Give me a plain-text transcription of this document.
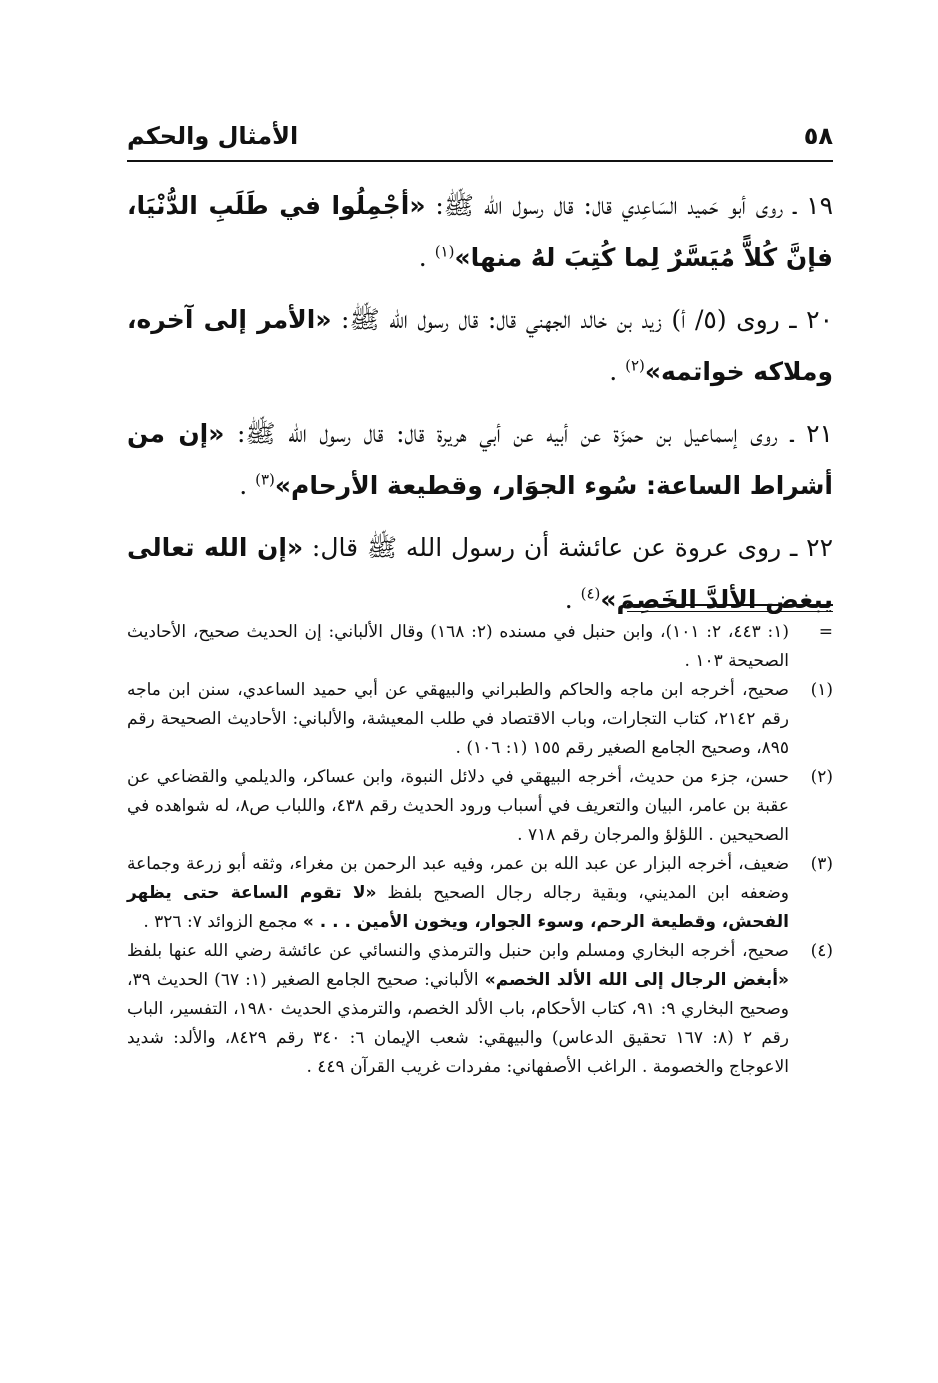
٥٨
الأمثال والحكم

١٩ ـ روى أبو حَميد السَاعِدي قال: قال رسول الله ﷺ: «أجْمِلُوا في طَلَبِ الدُّنْيَا، فإنَّ كُلاًّ مُيَسَّرٌ لِما كُتِبَ لهُ منها»$^{(١)}$ .

٢٠ ـ روى (٥/ أ) زيد بن خالد الجهني قال: قال رسول الله ﷺ: «الأمر إلى آخره، وملاكه خواتمه»$^{(٢)}$ .

٢١ ـ روى إسماعيل بن حمزَة عن أبيه عن أبي هريرة قال: قال رسول الله ﷺ: «إن من أشراط الساعة: سُوء الجوَار، وقطيعة الأرحام»$^{(٣)}$ .

٢٢ ـ روى عروة عن عائشة أن رسول الله ﷺ قال: «إن الله تعالى يبغض الألدَّ الخَصِمَ»$^{(٤)}$ .

=
(١: ٤٤٣، ٢: ١٠١)، وابن حنبل في مسنده (٢: ١٦٨) وقال الألباني: إن الحديث صحيح، الأحاديث الصحيحة ١٠٣ .
(١)
صحيح، أخرجه ابن ماجه والحاكم والطبراني والبيهقي عن أبي حميد الساعدي، سنن ابن ماجه رقم ٢١٤٢، كتاب التجارات، وباب الاقتصاد في طلب المعيشة، والألباني: الأحاديث الصحيحة رقم ٨٩٥، وصحيح الجامع الصغير رقم ١٥٥ (١: ١٠٦) .
(٢)
حسن، جزء من حديث، أخرجه البيهقي في دلائل النبوة، وابن عساكر، والديلمي والقضاعي عن عقبة بن عامر، البيان والتعريف في أسباب ورود الحديث رقم ٤٣٨، واللباب ص٨، له شواهده في الصحيحين . اللؤلؤ والمرجان رقم ٧١٨ .
(٣)
ضعيف، أخرجه البزار عن عبد الله بن عمر، وفيه عبد الرحمن بن مغراء، وثقه أبو زرعة وجماعة وضعفه ابن المديني، وبقية رجاله رجال الصحيح بلفظ «لا تقوم الساعة حتى يظهر الفحش، وقطيعة الرحم، وسوء الجوار، ويخون الأمين . . . » مجمع الزوائد ٧: ٣٢٦ .
(٤)
صحيح، أخرجه البخاري ومسلم وابن حنبل والترمذي والنسائي عن عائشة رضي الله عنها بلفظ «أبغض الرجال إلى الله الألد الخصم» الألباني: صحيح الجامع الصغير (١: ٦٧) الحديث ٣٩، وصحيح البخاري ٩: ٩١، كتاب الأحكام، باب الألد الخصم، والترمذي الحديث ١٩٨٠، التفسير، الباب رقم ٢ (٨: ١٦٧ تحقيق الدعاس) والبيهقي: شعب الإيمان ٦: ٣٤٠ رقم ٨٤٢٩، والألد: شديد الاعوجاج والخصومة . الراغب الأصفهاني: مفردات غريب القرآن ٤٤٩ .
